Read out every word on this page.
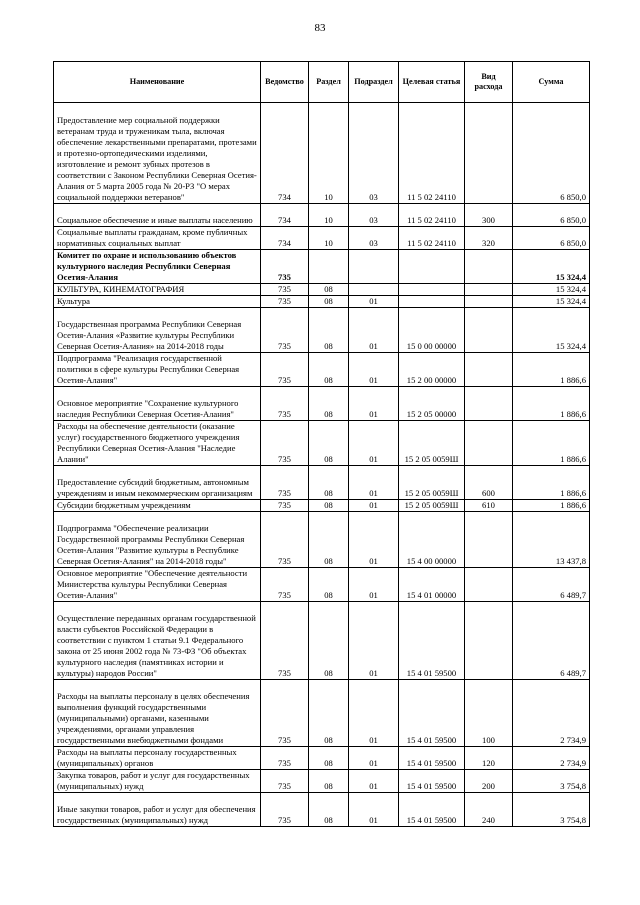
83
Наименование	Ведомство	Раздел	Подраздел	Целевая статья	Вид расхода	Сумма
Предоставление мер социальной поддержки ветеранам труда и труженикам тыла, включая обеспечение лекарственными препаратами, протезами и протезно-ортопедическими изделиями, изготовление и ремонт зубных протезов в соответствии с Законом Республики Северная Осетия-Алания от 5 марта 2005 года № 20-РЗ "О мерах социальной поддержки ветеранов"	734	10	03	11 5 02 24110		6 850,0
Социальное обеспечение и иные выплаты населению	734	10	03	11 5 02 24110	300	6 850,0
Социальные выплаты гражданам, кроме публичных нормативных социальных выплат	734	10	03	11 5 02 24110	320	6 850,0
Комитет по охране и использованию объектов культурного наследия Республики Северная Осетия-Алания	735					15 324,4
КУЛЬТУРА, КИНЕМАТОГРАФИЯ	735	08				15 324,4
Культура	735	08	01			15 324,4
Государственная программа Республики Северная Осетия-Алания «Развитие культуры Республики Северная Осетия-Алания» на 2014-2018 годы	735	08	01	15 0 00 00000		15 324,4
Подпрограмма "Реализация государственной политики в сфере культуры Республики Северная Осетия-Алания"	735	08	01	15 2 00 00000		1 886,6
Основное мероприятие "Сохранение культурного наследия Республики Северная Осетия-Алания"	735	08	01	15 2 05 00000		1 886,6
Расходы на обеспечение деятельности (оказание услуг) государственного бюджетного учреждения Республики Северная Осетия-Алания "Наследие Алании"	735	08	01	15 2 05 0059Ш		1 886,6
Предоставление субсидий бюджетным, автономным учреждениям и иным некоммерческим организациям	735	08	01	15 2 05 0059Ш	600	1 886,6
Субсидии бюджетным учреждениям	735	08	01	15 2 05 0059Ш	610	1 886,6
Подпрограмма "Обеспечение реализации Государственной программы Республики Северная Осетия-Алания "Развитие культуры в Республике Северная Осетия-Алания" на 2014-2018 годы"	735	08	01	15 4 00 00000		13 437,8
Основное мероприятие "Обеспечение деятельности Министерства культуры Республики Северная Осетия-Алания"	735	08	01	15 4 01 00000		6 489,7
Осуществление переданных органам государственной власти субъектов Российской Федерации в соответствии с пунктом 1 статьи 9.1 Федерального закона от 25 июня 2002 года № 73-ФЗ "Об объектах культурного наследия (памятниках истории и культуры) народов России"	735	08	01	15 4 01 59500		6 489,7
Расходы на выплаты персоналу в целях обеспечения выполнения функций государственными (муниципальными) органами, казенными учреждениями, органами управления государственными внебюджетными фондами	735	08	01	15 4 01 59500	100	2 734,9
Расходы на выплаты персоналу государственных (муниципальных) органов	735	08	01	15 4 01 59500	120	2 734,9
Закупка товаров, работ и услуг для государственных (муниципальных) нужд	735	08	01	15 4 01 59500	200	3 754,8
Иные закупки товаров, работ и услуг для обеспечения государственных (муниципальных) нужд	735	08	01	15 4 01 59500	240	3 754,8
